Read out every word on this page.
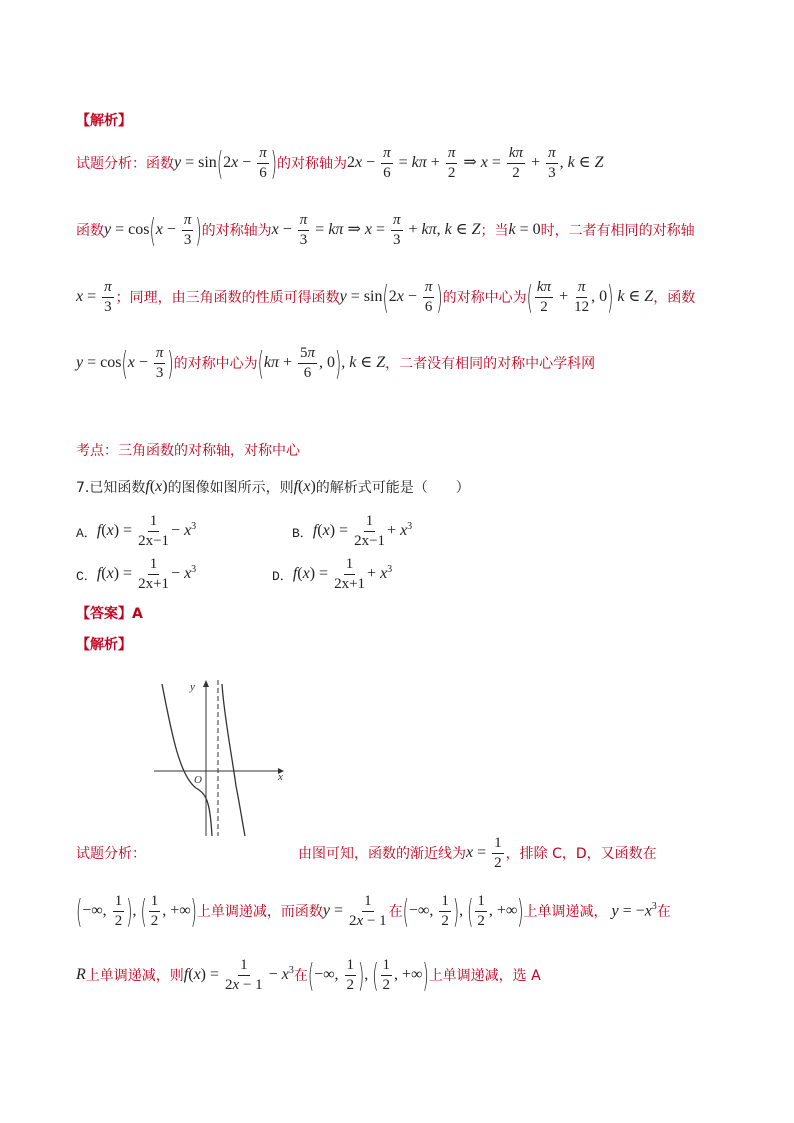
【解析】
试题分析：函数 $y = \sin(2x - \frac{\pi}{6}$ ) 的对称轴为 $2x - \frac{\pi}{6} = k\pi + \frac{\pi}{2}$ ⇒ $x = \frac{k\pi}{2} + \frac{\pi}{3}$ , k ∈ Z
函数 $y = \cos(x - \frac{\pi}{3}$ ) 的对称轴为 $x - \frac{\pi}{3} = k\pi$ ⇒ $x = \frac{\pi}{3} + k\pi$, k ∈ Z ；当 k = 0 时，二者有相同的对称轴
$x = \frac{\pi}{3}$ ；同理，由三角函数的性质可得函数 $y = \sin(2x - \frac{\pi}{6}$ ) 的对称中心为 ( $\frac{k\pi}{2} + \frac{\pi}{12}$ , 0) k ∈ Z ，函数
$y = \cos(x - \frac{\pi}{3}$ ) 的对称中心为 ($k\pi + \frac{5\pi}{6}$ , 0), k ∈ Z ，二者没有相同的对称中心学科网
考点：三角函数的对称轴，对称中心
7.已知函数 f(x) 的图像如图所示，则 f(x) 的解析式可能是（　　）
A． $f(x) = \frac{1}{2x-1} - x^3$	B． $f(x) = \frac{1}{2x-1} + x^3$
C． $f(x) = \frac{1}{2x+1} - x^3$	D． $f(x) = \frac{1}{2x+1} + x^3$
【答案】A
【解析】
x
y
O
试题分析：	由图可知，函数的渐近线为 $x = \frac{1}{2}$ ，排除 C，D，又函数在
(−∞, $\frac{1}{2}$ ), ( $\frac{1}{2}$ , +∞) 上单调递减，而函数 $y = \frac{1}{2x - 1}$ 在 (−∞, $\frac{1}{2}$ ), ( $\frac{1}{2}$ , +∞) 上单调递减， $y = -x^3$ 在
R 上单调递减，则 $f(x) = \frac{1}{2x - 1} - x^3$ 在 (−∞, $\frac{1}{2}$ ), ( $\frac{1}{2}$ , +∞) 上单调递减，选 A
